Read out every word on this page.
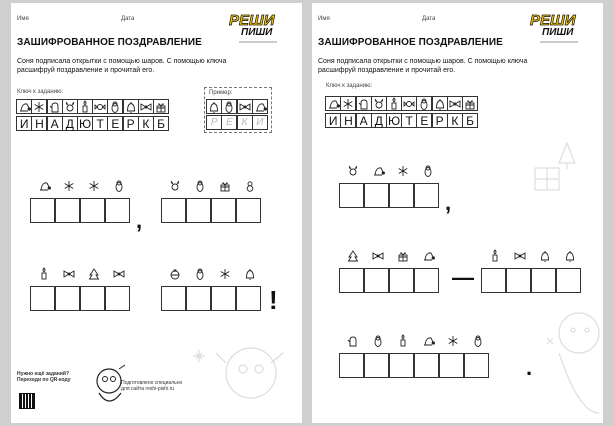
Имя	Дата	РЕШИ
ПИШИ
ЗАШИФРОВАННОЕ ПОЗДРАВЛЕНИЕ
Соня подписала открытки с помощью шаров. С помощью ключа расшифруй поздравление и прочитай его.
Ключ к заданию:
И Н А Д Ю Т Е Р К Б
Пример:
Р Е К И
,
!
Нужно ещё заданий? Переходи по QR-коду	Подготовлено специально для сайта reshi-pishi.ru
Имя	Дата	РЕШИ
ПИШИ
ЗАШИФРОВАННОЕ ПОЗДРАВЛЕНИЕ
Соня подписала открытки с помощью шаров. С помощью ключа расшифруй поздравление и прочитай его.
Ключ к заданию:
И Н А Д Ю Т Е Р К Б
,
—
.
